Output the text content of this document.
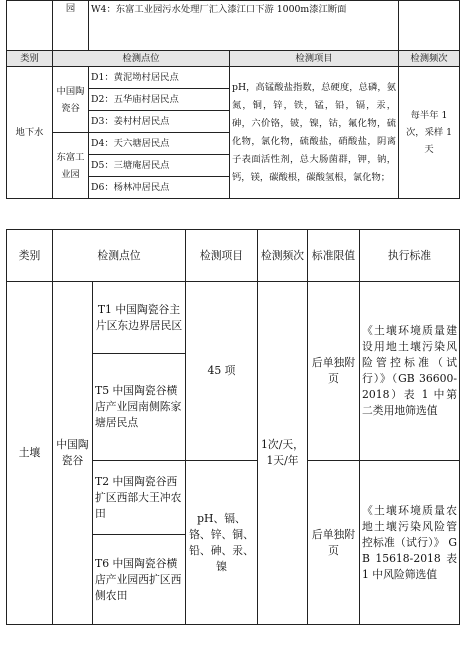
	园	W4：东富工业园污水处理厂汇入漆江口下游 1000m漆江断面		
类别	检测点位		检测项目	检测频次
地下水	中国陶瓷谷	D1：黄泥坳村居民点	pH，高锰酸盐指数，总硬度，总磷，氨氮，铜，锌，铁，锰，铅，镉，汞，砷，六价铬，铍，镍，钴，氟化物，硫化物，氯化物，硫酸盐，硝酸盐，阴离子表面活性剂，总大肠菌群，钾，钠，钙，镁，碳酸根，碳酸氢根，氯化物；	每半年 1 次，采样 1 天
		D2：五华庙村居民点		
		D3：姜村村居民点		
	东富工业园	D4：天六塘居民点		
		D5：三塘庵居民点		
		D6：杨林冲居民点		
类别	检测点位		检测项目	检测频次	标准限值	执行标准
土壤	中国陶瓷谷	T1 中国陶瓷谷主片区东边界居民区	45 项	1次/天，1天/年	后单独附页	《土壤环境质量建设用地土壤污染风险管控标准（试行）》（GB 36600-2018）表 1 中第二类用地筛选值
		T5 中国陶瓷谷横店产业园南侧陈家塘居民点				
		T2 中国陶瓷谷西扩区西部大王冲农田	pH、镉、铬、锌、铜、铅、砷、汞、镍		后单独附页	《土壤环境质量农地土壤污染风险管控标准（试行）》 GB 15618-2018 表 1 中风险筛选值
		T6 中国陶瓷谷横店产业园西扩区西侧农田				
